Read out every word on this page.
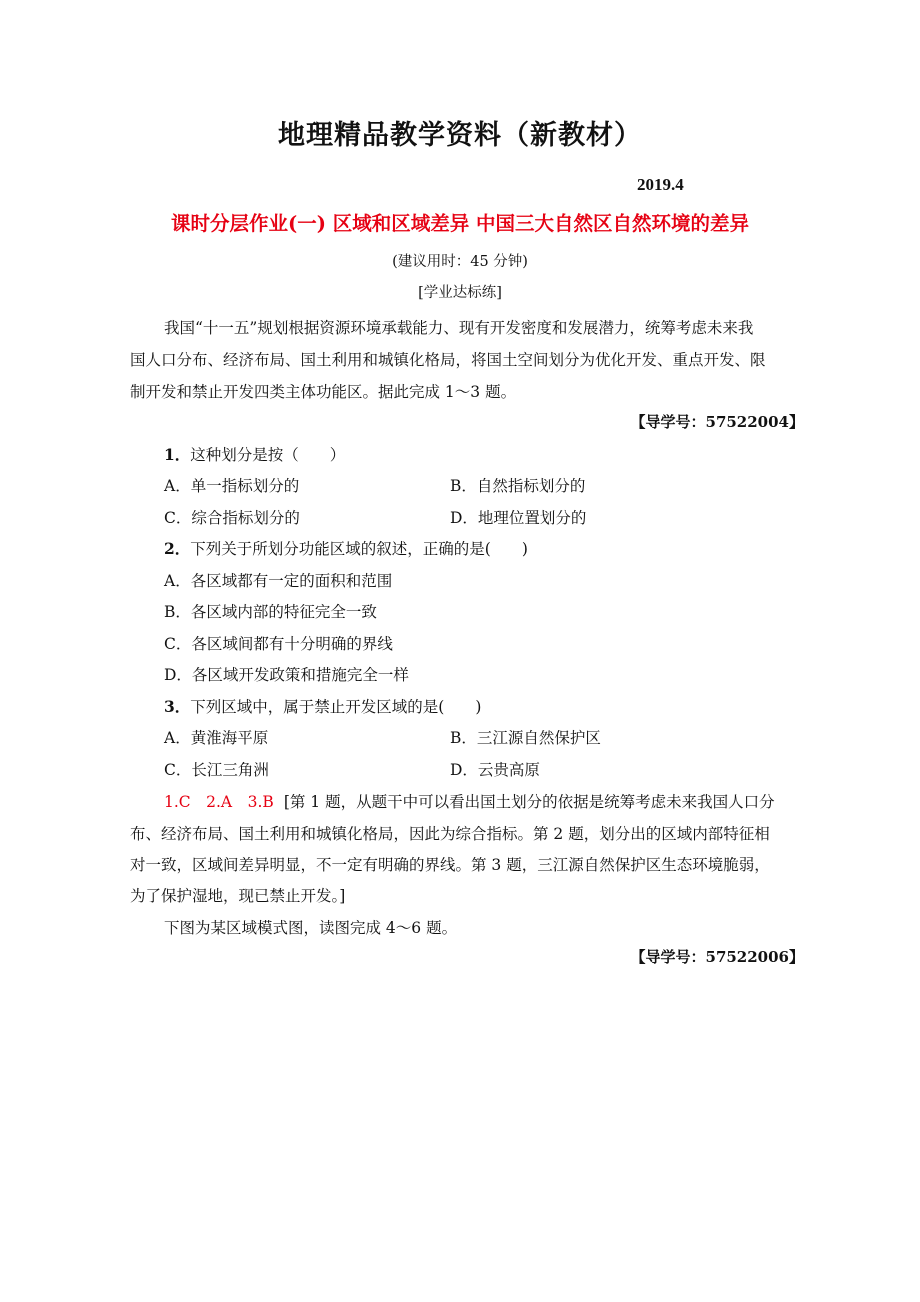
地理精品教学资料（新教材）
2019.4
课时分层作业(一) 区域和区域差异 中国三大自然区自然环境的差异
(建议用时：45 分钟)
[学业达标练]
我国“十一五”规划根据资源环境承载能力、现有开发密度和发展潜力，统筹考虑未来我
国人口分布、经济布局、国土利用和城镇化格局，将国土空间划分为优化开发、重点开发、限
制开发和禁止开发四类主体功能区。据此完成 1～3 题。
【导学号：57522004】
1．这种划分是按（　　）
A．单一指标划分的	B．自然指标划分的
C．综合指标划分的	D．地理位置划分的
2．下列关于所划分功能区域的叙述，正确的是(　　)
A．各区域都有一定的面积和范围
B．各区域内部的特征完全一致
C．各区域间都有十分明确的界线
D．各区域开发政策和措施完全一样
3．下列区域中，属于禁止开发区域的是(　　)
A．黄淮海平原	B．三江源自然保护区
C．长江三角洲	D．云贵高原
1.C　2.A　3.B [第 1 题，从题干中可以看出国土划分的依据是统筹考虑未来我国人口分
布、经济布局、国土利用和城镇化格局，因此为综合指标。第 2 题，划分出的区域内部特征相
对一致，区域间差异明显，不一定有明确的界线。第 3 题，三江源自然保护区生态环境脆弱，
为了保护湿地，现已禁止开发。]
下图为某区域模式图，读图完成 4～6 题。
【导学号：57522006】
